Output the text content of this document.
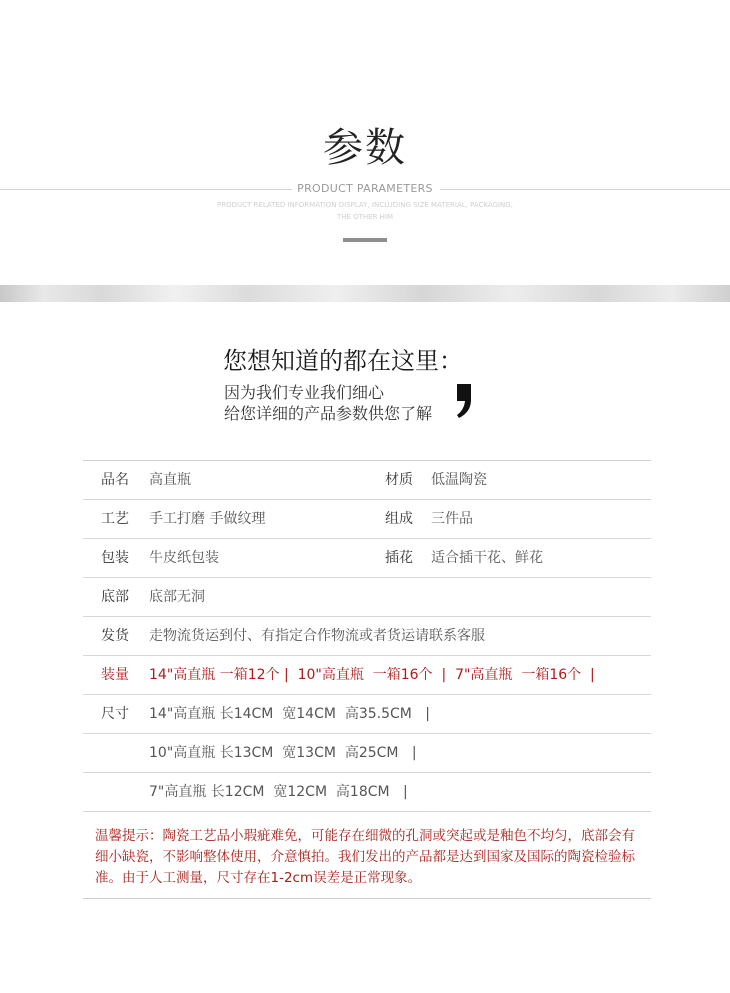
参数
PRODUCT PARAMETERS
PRODUCT RELATED INFORMATION DISPLAY, INCLUDING SIZE MATERIAL, PACKAGING, THE OTHER HIM
您想知道的都在这里：
因为我们专业我们细心
给您详细的产品参数供您了解
品名 高直瓶	材质 低温陶瓷
工艺 手工打磨 手做纹理	组成 三件品
包装 牛皮纸包装	插花 适合插干花、鲜花
底部 底部无洞
发货 走物流货运到付、有指定合作物流或者货运请联系客服
装量 14"高直瓶 一箱12个 |  10"高直瓶  一箱16个  |  7"高直瓶  一箱16个  |
尺寸 14"高直瓶 长14CM  宽14CM  高35.5CM   |
10"高直瓶 长13CM  宽13CM  高25CM   |
7"高直瓶 长12CM  宽12CM  高18CM   |
温馨提示：陶瓷工艺品小瑕疵难免，可能存在细微的孔洞或突起或是釉色不均匀，底部会有细小缺瓷，不影响整体使用，介意慎拍。我们发出的产品都是达到国家及国际的陶瓷检验标准。由于人工测量，尺寸存在1-2cm误差是正常现象。
